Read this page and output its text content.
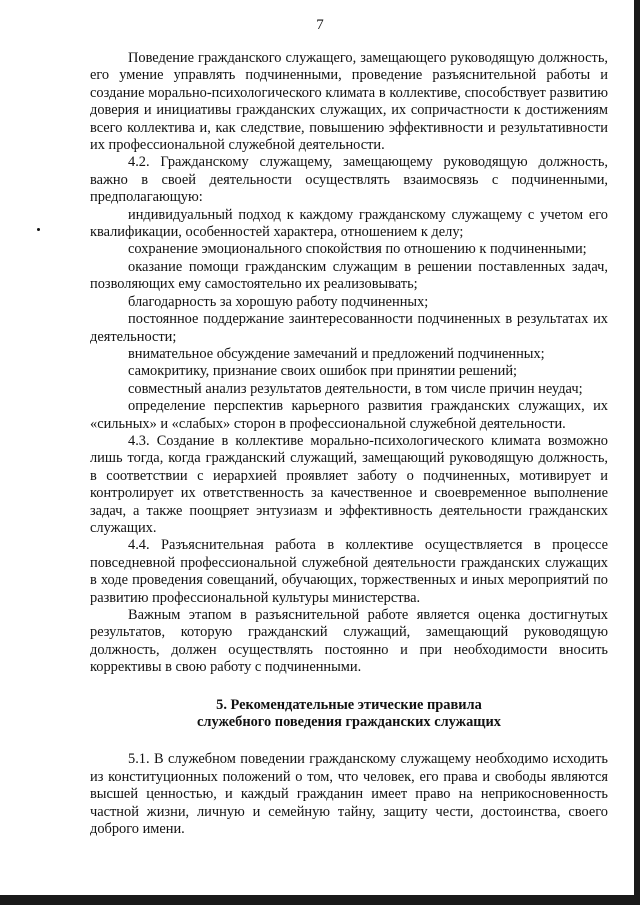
7

Поведение гражданского служащего, замещающего руководящую должность, его умение управлять подчиненными, проведение разъяснительной работы и создание морально-психологического климата в коллективе, способствует развитию доверия и инициативы гражданских служащих, их сопричастности к достижениям всего коллектива и, как следствие, повышению эффективности и результативности их профессиональной служебной деятельности.

4.2. Гражданскому служащему, замещающему руководящую должность, важно в своей деятельности осуществлять взаимосвязь с подчиненными, предполагающую:

индивидуальный подход к каждому гражданскому служащему с учетом его квалификации, особенностей характера, отношением к делу;

сохранение эмоционального спокойствия по отношению к подчиненными;

оказание помощи гражданским служащим в решении поставленных задач, позволяющих ему самостоятельно их реализовывать;

благодарность за хорошую работу подчиненных;

постоянное поддержание заинтересованности подчиненных в результатах их деятельности;

внимательное обсуждение замечаний и предложений подчиненных;

самокритику, признание своих ошибок при принятии решений;

совместный анализ результатов деятельности, в том числе причин неудач;

определение перспектив карьерного развития гражданских служащих, их «сильных» и «слабых» сторон в профессиональной служебной деятельности.

4.3. Создание в коллективе морально-психологического климата возможно лишь тогда, когда гражданский служащий, замещающий руководящую должность, в соответствии с иерархией проявляет заботу о подчиненных, мотивирует и контролирует их ответственность за качественное и своевременное выполнение задач, а также поощряет энтузиазм и эффективность деятельности гражданских служащих.

4.4. Разъяснительная работа в коллективе осуществляется в процессе повседневной профессиональной служебной деятельности гражданских служащих в ходе проведения совещаний, обучающих, торжественных и иных мероприятий по развитию профессиональной культуры министерства.

Важным этапом в разъяснительной работе является оценка достигнутых результатов, которую гражданский служащий, замещающий руководящую должность, должен осуществлять постоянно и при необходимости вносить коррективы в свою работу с подчиненными.

5. Рекомендательные этические правила
служебного поведения гражданских служащих

5.1. В служебном поведении гражданскому служащему необходимо исходить из конституционных положений о том, что человек, его права и свободы являются высшей ценностью, и каждый гражданин имеет право на неприкосновенность частной жизни, личную и семейную тайну, защиту чести, достоинства, своего доброго имени.
